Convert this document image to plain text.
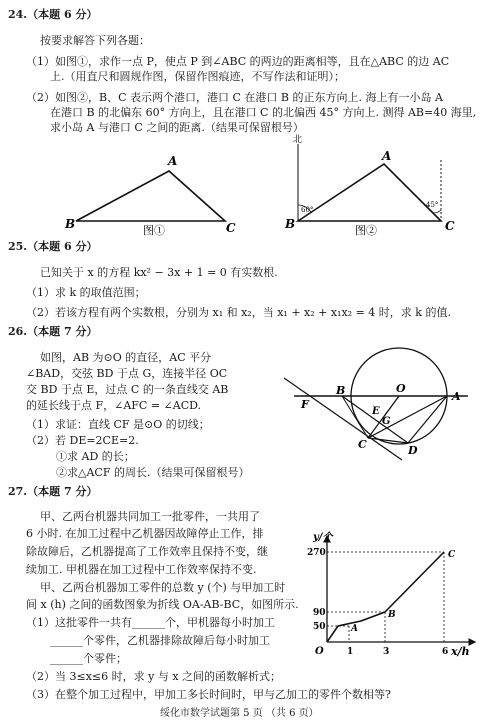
24.（本题 6 分）
按要求解答下列各题：
（1）如图①，求作一点 P，使点 P 到∠ABC 的两边的距离相等，且在△ABC 的边 AC
上.（用直尺和圆规作图，保留作图痕迹，不写作法和证明）；
（2）如图②，B、C 表示两个港口，港口 C 在港口 B 的正东方向上. 海上有一小岛 A
在港口 B 的北偏东 60° 方向上，且在港口 C 的北偏西 45° 方向上. 测得 AB=40 海里,
求小岛 A 与港口 C 之间的距离.（结果可保留根号）
A
B	C
图①
北
A
B	C
60°
45°
图②
25.（本题 6 分）
已知关于 x 的方程 kx² − 3x + 1 = 0 有实数根.
（1）求 k 的取值范围；
（2）若该方程有两个实数根，分别为 x₁ 和 x₂，当 x₁ + x₂ + x₁x₂ = 4 时，求 k 的值.
26.（本题 7 分）
如图，AB 为⊙O 的直径，AC 平分
∠BAD，交弦 BD 于点 G，连接半径 OC
交 BD 于点 E，过点 C 的一条直线交 AB
的延长线于点 F，∠AFC = ∠ACD.
（1）求证：直线 CF 是⊙O 的切线；
（2）若 DE=2CE=2.
①求 AD 的长；
②求△ACF 的周长.（结果可保留根号）
F
B	O
A
E
G
C	D
27.（本题 7 分）
甲、乙两台机器共同加工一批零件，一共用了
6 小时. 在加工过程中乙机器因故障停止工作，排
除故障后，乙机器提高了工作效率且保持不变，继
续加工. 甲机器在加工过程中工作效率保持不变.
甲、乙两台机器加工零件的总数 y (个) 与甲加工时
间 x (h) 之间的函数图象为折线 OA-AB-BC，如图所示.
（1）这批零件一共有______个，甲机器每小时加工
______个零件，乙机器排除故障后每小时加工
______个零件；
（2）当 3≤x≤6 时，求 y 与 x 之间的函数解析式；
（3）在整个加工过程中，甲加工多长时间时，甲与乙加工的零件个数相等?
y/个
x/h
O
270
90
50
1	3	6
A
B
C
绥化市数学试题第 5 页 （共 6 页）
